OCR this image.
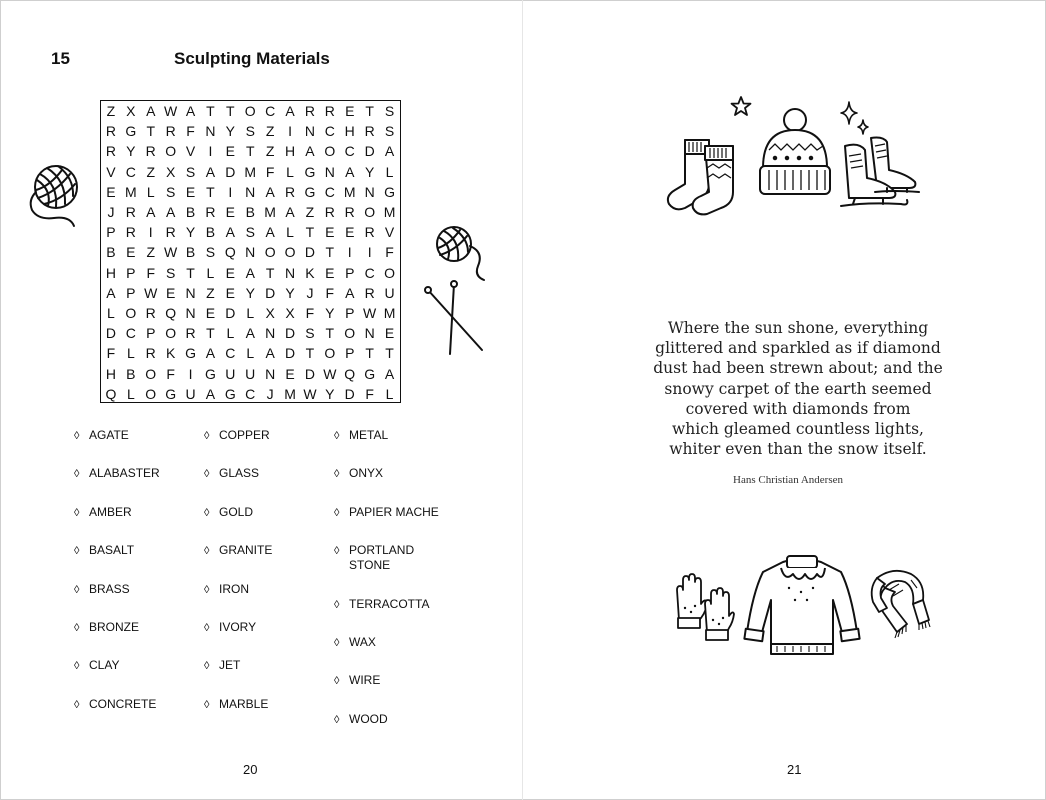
15	Sculpting Materials
Z X A W A T T O C A R R E T S
R G T R F N Y S Z I N C H R S
R Y R O V I E T Z H A O C D A
V C Z X S A D M F L G N A Y L
E M L S E T I N A R G C M N G
J R A A B R E B M A Z R R O M
P R I R Y B A S A L T E E R V
B E Z W B S Q N O O D T I	I F
H P F S T L E A T N K E P C O
A P W E N Z E Y D Y J F A R U
L O R Q N E D L X X F Y P W M
D C P O R T L A N D S T O N E
F L R K G A C L A D T O P T T
H B O F I G U U N E D W Q G A
Q L O G U A G C J M W Y D F L
◊ AGATE
◊ ALABASTER
◊ AMBER
◊ BASALT
◊ BRASS
◊ BRONZE
◊ CLAY
◊ CONCRETE
◊ COPPER
◊ GLASS
◊ GOLD
◊ GRANITE
◊ IRON
◊ IVORY
◊ JET
◊ MARBLE
◊ METAL
◊ ONYX
◊ PAPIER MACHE
◊ PORTLAND
STONE
◊ TERRACOTTA
◊ WAX
◊ WIRE
◊ WOOD
20
Where the sun shone, everything
glittered and sparkled as if diamond
dust had been strewn about; and the
snowy carpet of the earth seemed
covered with diamonds from
which gleamed countless lights,
whiter even than the snow itself.
Hans Christian Andersen
21
